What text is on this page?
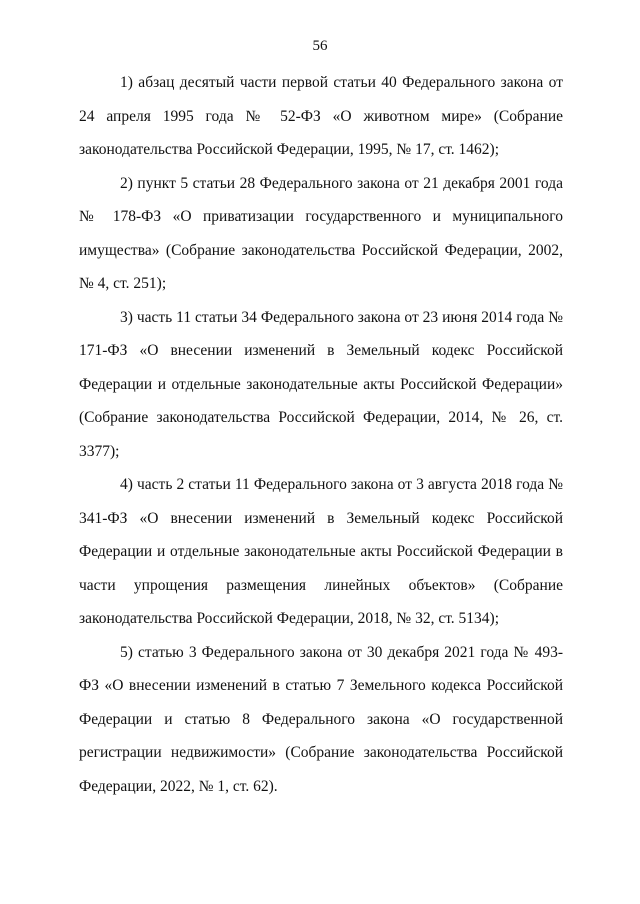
56

1) абзац десятый части первой статьи 40 Федерального закона от 24 апреля 1995 года № 52-ФЗ «О животном мире» (Собрание законодательства Российской Федерации, 1995, № 17, ст. 1462);

2) пункт 5 статьи 28 Федерального закона от 21 декабря 2001 года № 178-ФЗ «О приватизации государственного и муниципального имущества» (Собрание законодательства Российской Федерации, 2002, № 4, ст. 251);

3) часть 11 статьи 34 Федерального закона от 23 июня 2014 года № 171-ФЗ «О внесении изменений в Земельный кодекс Российской Федерации и отдельные законодательные акты Российской Федерации» (Собрание законодательства Российской Федерации, 2014, № 26, ст. 3377);

4) часть 2 статьи 11 Федерального закона от 3 августа 2018 года № 341-ФЗ «О внесении изменений в Земельный кодекс Российской Федерации и отдельные законодательные акты Российской Федерации в части упрощения размещения линейных объектов» (Собрание законодательства Российской Федерации, 2018, № 32, ст. 5134);

5) статью 3 Федерального закона от 30 декабря 2021 года № 493-ФЗ «О внесении изменений в статью 7 Земельного кодекса Российской Федерации и статью 8 Федерального закона «О государственной регистрации недвижимости» (Собрание законодательства Российской Федерации, 2022, № 1, ст. 62).
